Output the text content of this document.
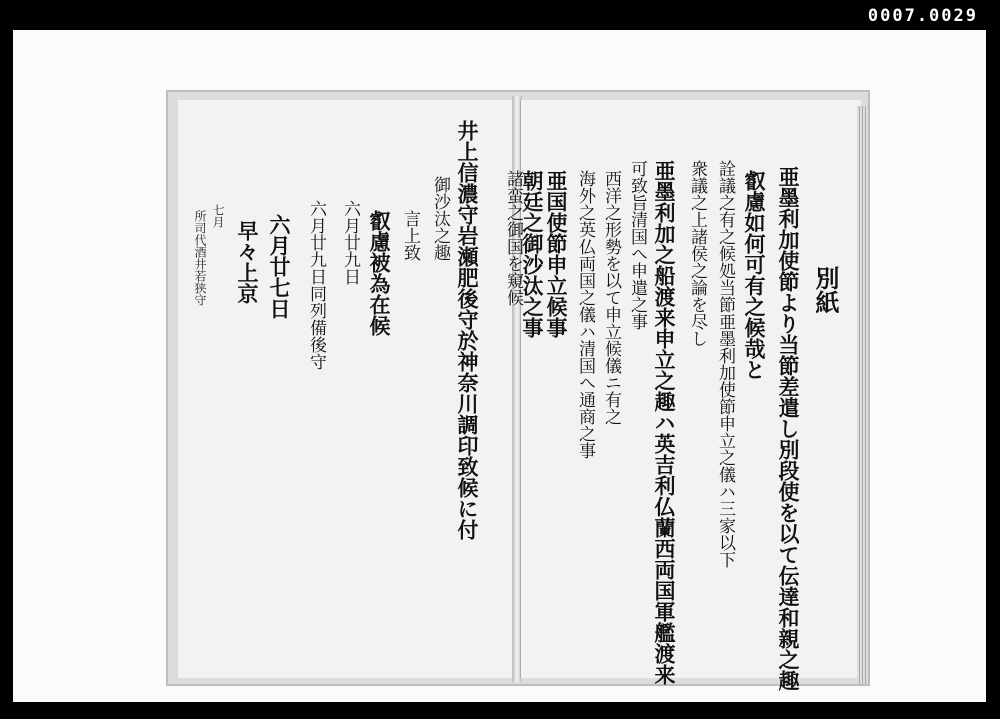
0007.0029
井上信濃守岩瀬肥後守於神奈川調印致候に付
御沙汰之趣
言上致
叡慮被為在候
六月廿九日
六月廿九日同列備後守
六月廿七日
早々上京
七月
所司代酒井若狭守	別紙
亜墨利加使節より当節差遣し別段使を以て伝達和親之趣
叡慮如何可有之候哉と
詮議之有之候処当節亜墨利加使節申立之儀ハ三家以下
衆議之上諸侯之論を尽し
亜墨利加之船渡来申立之趣ハ英吉利仏蘭西両国軍艦渡来
可致旨清国へ申遣之事
西洋之形勢を以て申立候儀ニ有之
海外之英仏両国之儀ハ清国へ通商之事
亜国使節申立候事
朝廷之御沙汰之事
諸蛮之御国を窺候
